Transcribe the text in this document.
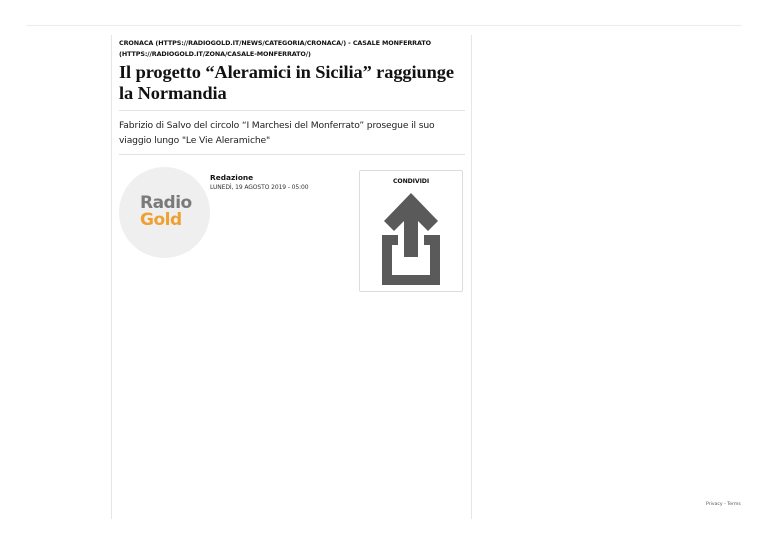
CRONACA (HTTPS://RADIOGOLD.IT/NEWS/CATEGORIA/CRONACA/) - CASALE MONFERRATO (HTTPS://RADIOGOLD.IT/ZONA/CASALE-MONFERRATO/)
Il progetto “Aleramici in Sicilia” raggiunge la Normandia
Fabrizio di Salvo del circolo “I Marchesi del Monferrato” prosegue il suo viaggio lungo "Le Vie Aleramiche"
Radio
Gold
Redazione
LUNEDÌ, 19 AGOSTO 2019 - 05:00
CONDIVIDI
Privacy - Terms
